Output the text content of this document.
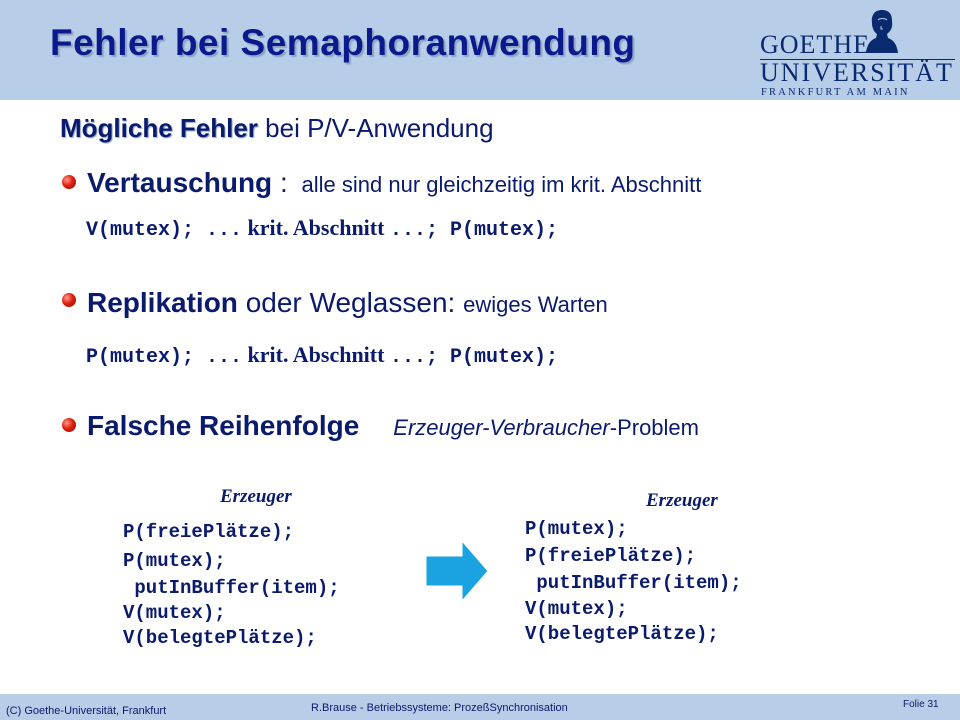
Fehler bei Semaphoranwendung	GOETHE
UNIVERSITÄT
FRANKFURT AM MAIN
Mögliche Fehler bei P/V-Anwendung
Vertauschung : alle sind nur gleichzeitig im krit. Abschnitt
V(mutex); ... krit. Abschnitt ...; P(mutex);
Replikation oder Weglassen: ewiges Warten
P(mutex); ... krit. Abschnitt ...; P(mutex);
Falsche Reihenfolge Erzeuger-Verbraucher-Problem
Erzeuger
P(freiePlätze);
P(mutex);
putInBuffer(item);
V(mutex);
V(belegtePlätze);
Erzeuger
P(mutex);
P(freiePlätze);
putInBuffer(item);
V(mutex);
V(belegtePlätze);
(C) Goethe-Universität, Frankfurt	R.Brause - Betriebssysteme: ProzeßSynchronisation	Folie 31
